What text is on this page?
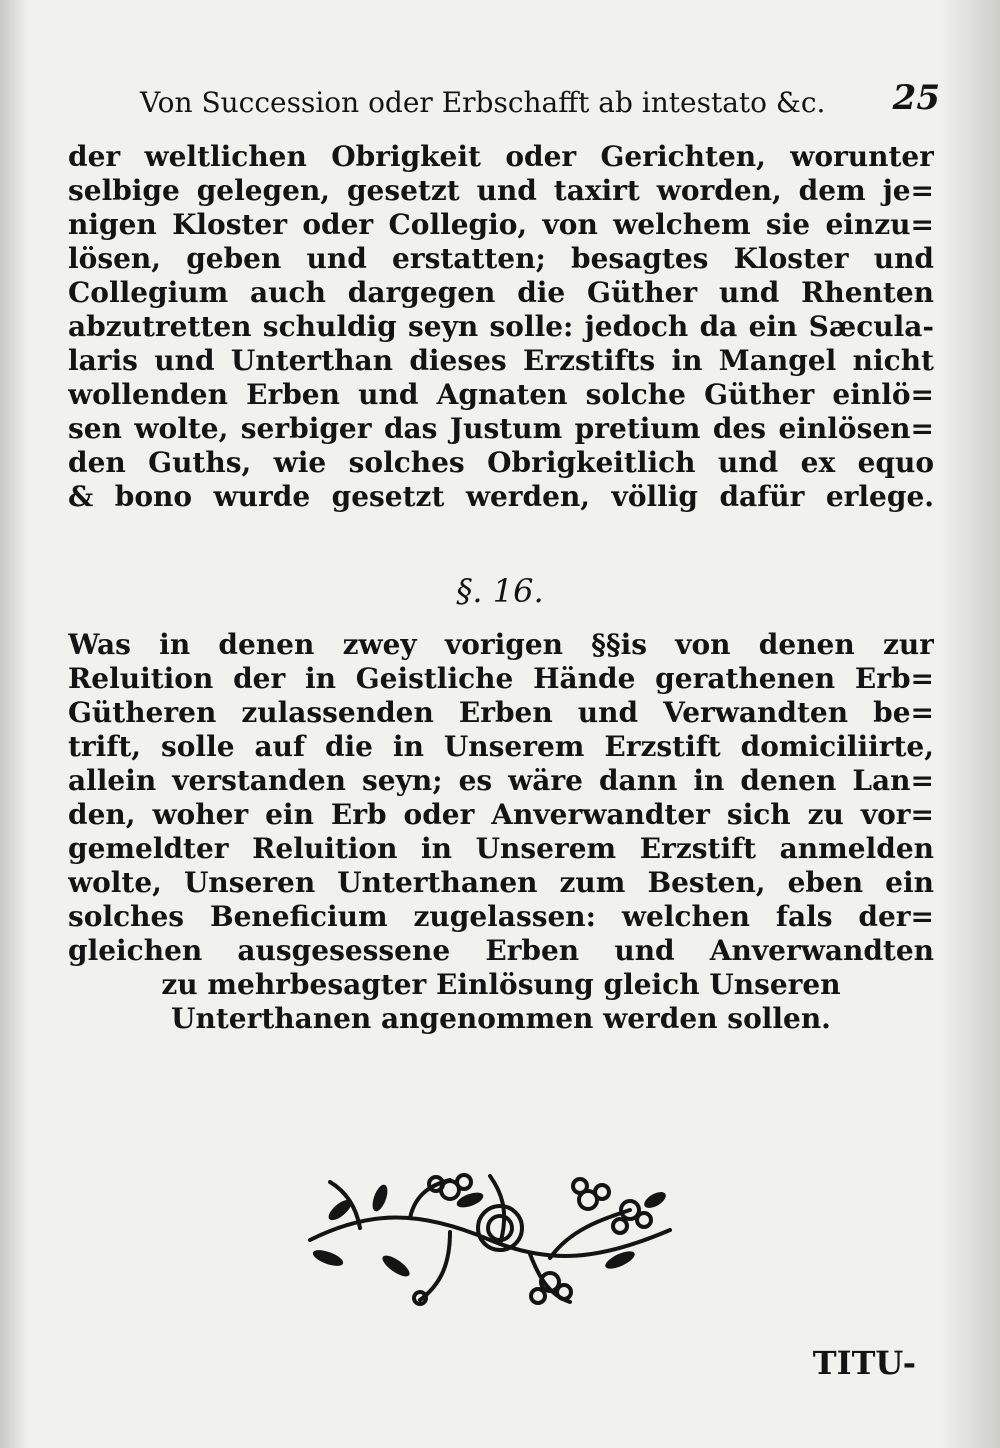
Von Succession oder Erbschafft ab intestato &c. 25
der weltlichen Obrigkeit oder Gerichten, worunter
selbige gelegen, gesetzt und taxirt worden, dem je=
nigen Kloster oder Collegio, von welchem sie einzu=
lösen, geben und erstatten; besagtes Kloster und
Collegium auch dargegen die Güther und Rhenten
abzutretten schuldig seyn solle: jedoch da ein Sæcula-
laris und Unterthan dieses Erzstifts in Mangel nicht
wollenden Erben und Agnaten solche Güther einlö=
sen wolte, serbiger das Justum pretium des einlösen=
den Guths, wie solches Obrigkeitlich und ex equo
& bono wurde gesetzt werden, völlig dafür erlege.
§. 16.
Was in denen zwey vorigen §§is von denen zur
Reluition der in Geistliche Hände gerathenen Erb=
Gütheren zulassenden Erben und Verwandten be=
trift, solle auf die in Unserem Erzstift domiciliirte,
allein verstanden seyn; es wäre dann in denen Lan=
den, woher ein Erb oder Anverwandter sich zu vor=
gemeldter Reluition in Unserem Erzstift anmelden
wolte, Unseren Unterthanen zum Besten, eben ein
solches Beneficium zugelassen: welchen fals der=
gleichen ausgesessene Erben und Anverwandten
zu mehrbesagter Einlösung gleich Unseren
Unterthanen angenommen werden sollen.
TITU-
